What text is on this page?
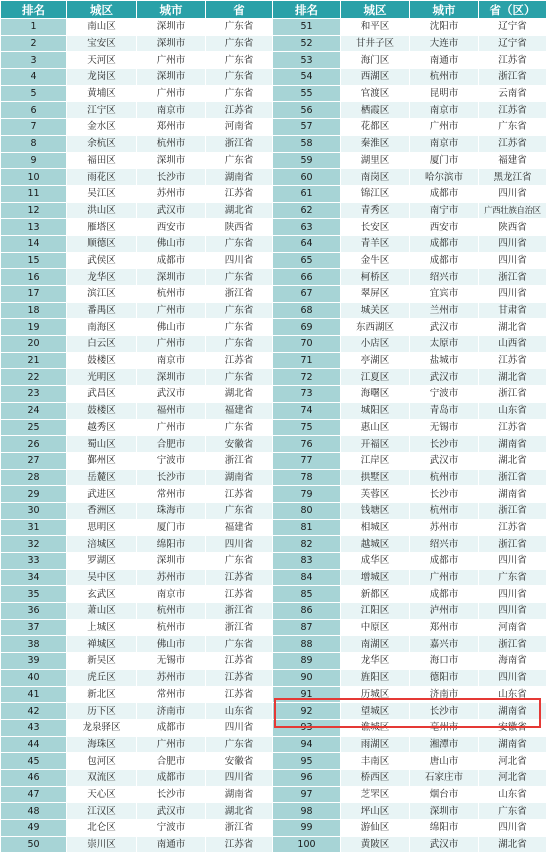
排名	城区	城市	省	排名	城区	城市	省（区）
1	南山区	深圳市	广东省	51	和平区	沈阳市	辽宁省
2	宝安区	深圳市	广东省	52	甘井子区	大连市	辽宁省
3	天河区	广州市	广东省	53	海门区	南通市	江苏省
4	龙岗区	深圳市	广东省	54	西湖区	杭州市	浙江省
5	黄埔区	广州市	广东省	55	官渡区	昆明市	云南省
6	江宁区	南京市	江苏省	56	栖霞区	南京市	江苏省
7	金水区	郑州市	河南省	57	花都区	广州市	广东省
8	余杭区	杭州市	浙江省	58	秦淮区	南京市	江苏省
9	福田区	深圳市	广东省	59	湖里区	厦门市	福建省
10	雨花区	长沙市	湖南省	60	南岗区	哈尔滨市	黑龙江省
11	吴江区	苏州市	江苏省	61	锦江区	成都市	四川省
12	洪山区	武汉市	湖北省	62	青秀区	南宁市	广西壮族自治区
13	雁塔区	西安市	陕西省	63	长安区	西安市	陕西省
14	顺德区	佛山市	广东省	64	青羊区	成都市	四川省
15	武侯区	成都市	四川省	65	金牛区	成都市	四川省
16	龙华区	深圳市	广东省	66	柯桥区	绍兴市	浙江省
17	滨江区	杭州市	浙江省	67	翠屏区	宜宾市	四川省
18	番禺区	广州市	广东省	68	城关区	兰州市	甘肃省
19	南海区	佛山市	广东省	69	东西湖区	武汉市	湖北省
20	白云区	广州市	广东省	70	小店区	太原市	山西省
21	鼓楼区	南京市	江苏省	71	亭湖区	盐城市	江苏省
22	光明区	深圳市	广东省	72	江夏区	武汉市	湖北省
23	武昌区	武汉市	湖北省	73	海曙区	宁波市	浙江省
24	鼓楼区	福州市	福建省	74	城阳区	青岛市	山东省
25	越秀区	广州市	广东省	75	惠山区	无锡市	江苏省
26	蜀山区	合肥市	安徽省	76	开福区	长沙市	湖南省
27	鄞州区	宁波市	浙江省	77	江岸区	武汉市	湖北省
28	岳麓区	长沙市	湖南省	78	拱墅区	杭州市	浙江省
29	武进区	常州市	江苏省	79	芙蓉区	长沙市	湖南省
30	香洲区	珠海市	广东省	80	钱塘区	杭州市	浙江省
31	思明区	厦门市	福建省	81	相城区	苏州市	江苏省
32	涪城区	绵阳市	四川省	82	越城区	绍兴市	浙江省
33	罗湖区	深圳市	广东省	83	成华区	成都市	四川省
34	吴中区	苏州市	江苏省	84	增城区	广州市	广东省
35	玄武区	南京市	江苏省	85	新都区	成都市	四川省
36	萧山区	杭州市	浙江省	86	江阳区	泸州市	四川省
37	上城区	杭州市	浙江省	87	中原区	郑州市	河南省
38	禅城区	佛山市	广东省	88	南湖区	嘉兴市	浙江省
39	新吴区	无锡市	江苏省	89	龙华区	海口市	海南省
40	虎丘区	苏州市	江苏省	90	旌阳区	德阳市	四川省
41	新北区	常州市	江苏省	91	历城区	济南市	山东省
42	历下区	济南市	山东省	92	望城区	长沙市	湖南省
43	龙泉驿区	成都市	四川省	93	谯城区	亳州市	安徽省
44	海珠区	广州市	广东省	94	雨湖区	湘潭市	湖南省
45	包河区	合肥市	安徽省	95	丰南区	唐山市	河北省
46	双流区	成都市	四川省	96	桥西区	石家庄市	河北省
47	天心区	长沙市	湖南省	97	芝罘区	烟台市	山东省
48	江汉区	武汉市	湖北省	98	坪山区	深圳市	广东省
49	北仑区	宁波市	浙江省	99	游仙区	绵阳市	四川省
50	崇川区	南通市	江苏省	100	黄陂区	武汉市	湖北省
